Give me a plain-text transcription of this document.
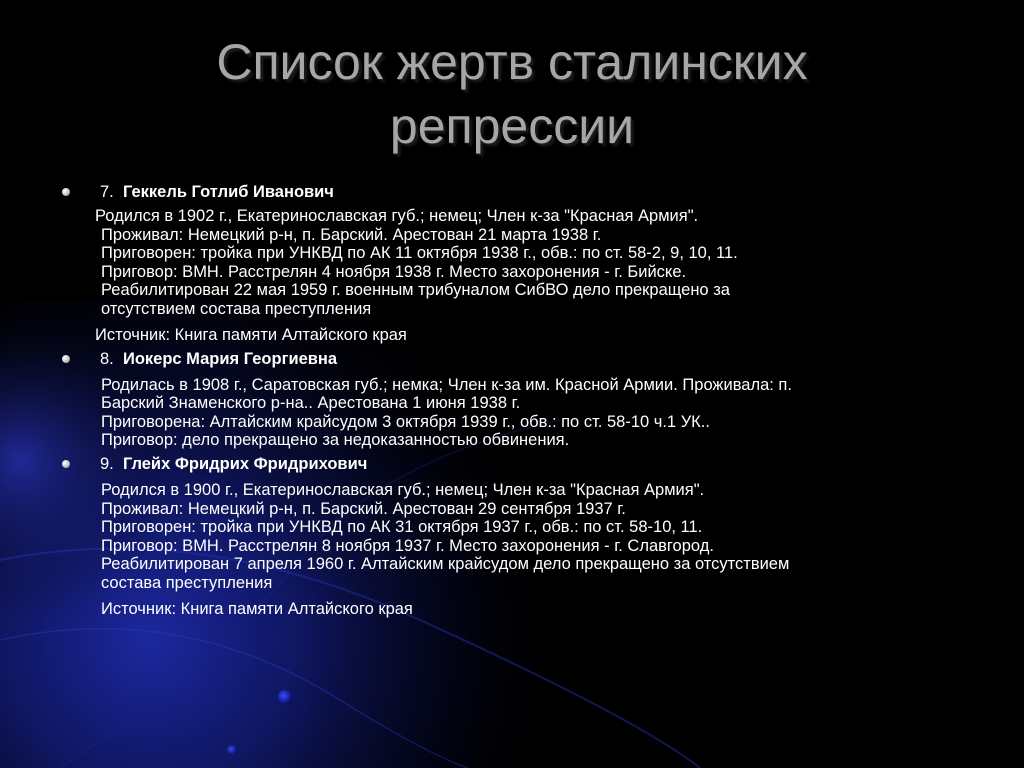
Список жертв сталинских
репрессии
7.  Геккель Готлиб Иванович
Родился в 1902 г., Екатеринославская губ.; немец; Член к-за "Красная Армия".
Проживал: Немецкий р-н, п. Барский. Арестован 21 марта 1938 г.
Приговорен: тройка при УНКВД по АК 11 октября 1938 г., обв.: по ст. 58-2, 9, 10, 11.
Приговор: ВМН. Расстрелян 4 ноября 1938 г. Место захоронения - г. Бийске.
Реабилитирован 22 мая 1959 г. военным трибуналом СибВО дело прекращено за
отсутствием состава преступления
Источник: Книга памяти Алтайского края
8.  Иокерс Мария Георгиевна
Родилась в 1908 г., Саратовская губ.; немка; Член к-за им. Красной Армии. Проживала: п.
Барский Знаменского р-на.. Арестована 1 июня 1938 г.
Приговорена: Алтайским крайсудом 3 октября 1939 г., обв.: по ст. 58-10 ч.1 УК..
Приговор: дело прекращено за недоказанностью обвинения.
9.  Глейх Фридрих Фридрихович
Родился в 1900 г., Екатеринославская губ.; немец; Член к-за "Красная Армия".
Проживал: Немецкий р-н, п. Барский. Арестован 29 сентября 1937 г.
Приговорен: тройка при УНКВД по АК 31 октября 1937 г., обв.: по ст. 58-10, 11.
Приговор: ВМН. Расстрелян 8 ноября 1937 г. Место захоронения - г. Славгород.
Реабилитирован 7 апреля 1960 г. Алтайским крайсудом дело прекращено за отсутствием
состава преступления
Источник: Книга памяти Алтайского края
